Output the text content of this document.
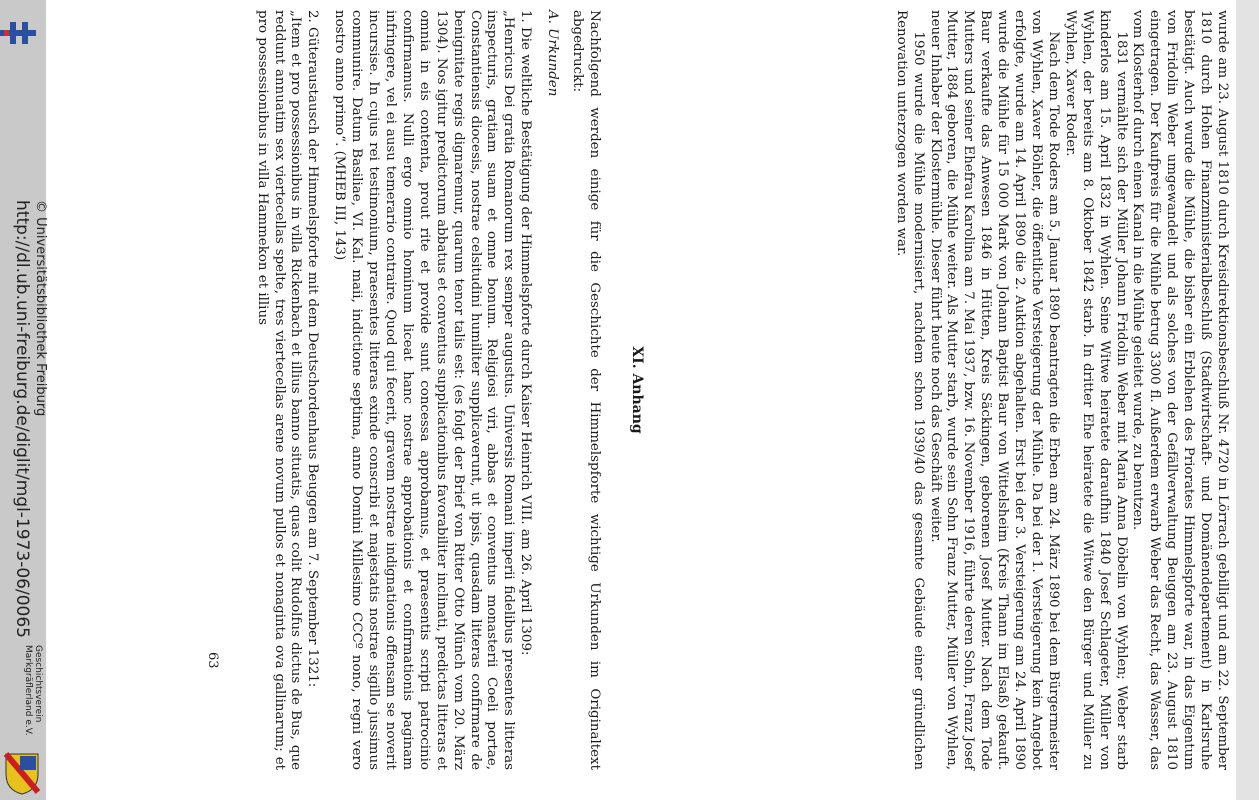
© Universitätsbibliothek Freiburg
http://dl.ub.uni-freiburg.de/diglit/mgl-1973-06/0065
Geschichtsverein
Markgräflerland e.V.	wurde am 23. August 1810 durch Kreisdirektionsbeschluß Nr. 4720 in Lörrach gebilligt und am 22. September 1810 durch Hohen Finanzministerialbeschluß (Stadtwirtschaft- und Domänendepartement) in Karlsruhe bestätigt. Auch wurde die Mühle, die bisher ein Erblehen des Priorates Himmelspforte war, in das Eigentum von Fridolin Weber umgewandelt und als solches von der Gefällverwaltung Beuggen am 23. August 1810 eingetragen. Der Kaufpreis für die Mühle betrug 3300 fl. Außerdem erwarb Weber das Recht, das Wasser, das vom Klosterhof durch einen Kanal in die Mühle geleitet wurde, zu benutzen.

1831 vermählte sich der Müller Johann Fridolin Weber mit Maria Anna Döbelin von Wyhlen; Weber starb kinderlos am 15. April 1832 in Wyhlen. Seine Witwe heiratete daraufhin 1840 Josef Schlageter, Müller von Wyhlen, der bereits am 8. Oktober 1842 starb. In dritter Ehe heiratete die Witwe den Bürger und Müller zu Wyhlen, Xaver Roder.

Nach dem Tode Roders am 5. Januar 1890 beantragten die Erben am 24. März 1890 bei dem Bürgermeister von Wyhlen, Xaver Böhler, die öffentliche Versteigerung der Mühle. Da bei der 1. Versteigerung kein Angebot erfolgte, wurde am 14. April 1890 die 2. Auktion abgehalten. Erst bei der 3. Versteigerung am 24. April 1890 wurde die Mühle für 15 000 Mark von Johann Baptist Baur von Wittelsheim (Kreis Thann im Elsaß) gekauft. Baur verkaufte das Anwesen 1846 in Hütten, Kreis Säckingen, geborenen Josef Mutter. Nach dem Tode Mutters und seiner Ehefrau Karolina am 7. Mai 1937, bzw. 16. November 1916, führte deren Sohn, Franz Josef Mutter, 1884 geboren, die Mühle weiter. Als Mutter starb, wurde sein Sohn Franz Mutter, Müller von Wyhlen, neuer Inhaber der Klostermühle. Dieser führt heute noch das Geschäft weiter.

1950 wurde die Mühle modernisiert, nachdem schon 1939/40 das gesamte Gebäude einer gründlichen Renovation unterzogen worden war.

XI. Anhang

Nachfolgend werden einige für die Geschichte der Himmelspforte wichtige Urkunden im Originaltext abgedruckt:

A. Urkunden

1. Die weltliche Bestätigung der Himmelspforte durch Kaiser Heinrich VIII. am 26. April 1309:

„Henricus Dei gratia Romanorum rex semper augustus. Universis Romani imperii fidelibus presentes litteras inspecturis, gratiam suam et omne bonum. Religiosi viri, abbas et conventus monasterii Coeli portae, Constantiensis diocesis, nostrae celsitudini humiliter supplicaverunt, ut ipsis, quasdam litteras confirmare de benignitate regis dignaremur, quarum tenor talis est: (es folgt der Brief von Ritter Otto Münch vom 20. März 1304). Nos igitur predictorum abbatus et conventus supplicationibus favorabiliter inclinati, predictas litteras et omnia in eis contenta, prout rite et provide sunt concessa approbamus, et praesentis scripti patrocinio confirmamus. Nulli ergo omnio hominum liceat hanc nostrae approbationis et confirmationis paginam infringere, vel ei ausu temerario contraire. Quod qui fecerit, gravem nostrae indignationis offensam se noverit incursise. In cujus rei testimonium, praesentes litteras exinde conscribi et majestatis nostrae sigillo jussimus communire. Datum Basiliae, VI. Kal. maii, indictione septima, anno Domini Millesimo CCCº nono, regni vero nostro anno primo“. (MHEB III, 143)

2. Güteraustausch der Himmelspforte mit dem Deutschordenhaus Beuggen am 7. September 1321:

„Item et pro possessionibus in villa Rickenbach et illius banno situatis, quas colit Rudolfus dictus de Bus, que reddunt annuatim sex viertecellas spelte, tres viertecellas arene novum pullos et nonaginta ova gallinarum; et pro possessionibus in villa Hammekon et illius

63
